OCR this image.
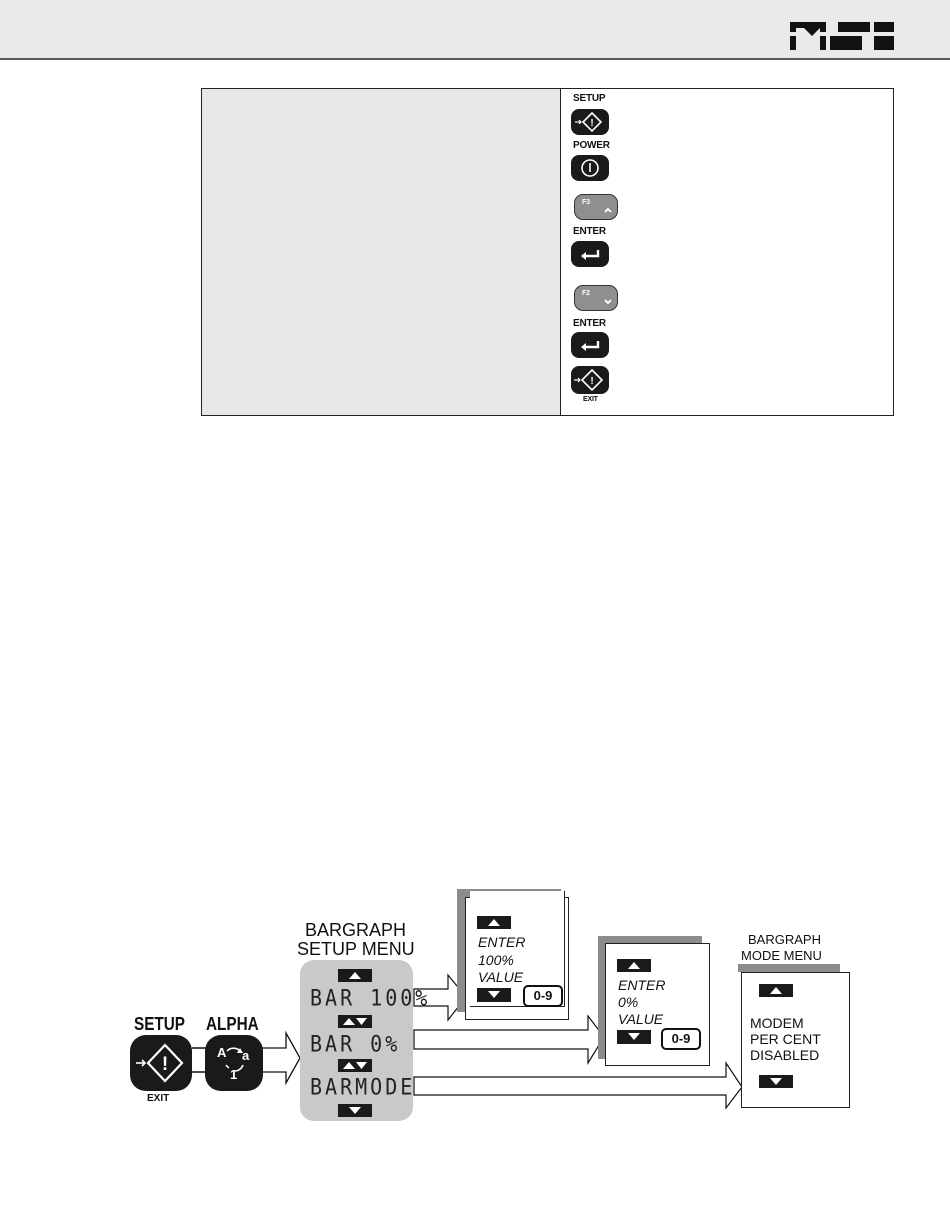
SETUP
!
POWER
F3
ENTER
F2
ENTER
!
EXIT
SETUP
!
EXIT
ALPHA
A a
1
BARGRAPH
SETUP MENU
BAR 100%
BAR 0%
BARMODE
ENTER
100%
VALUE
0-9
ENTER
0%
VALUE
0-9
BARGRAPH
MODE MENU
MODEM
PER CENT
DISABLED
